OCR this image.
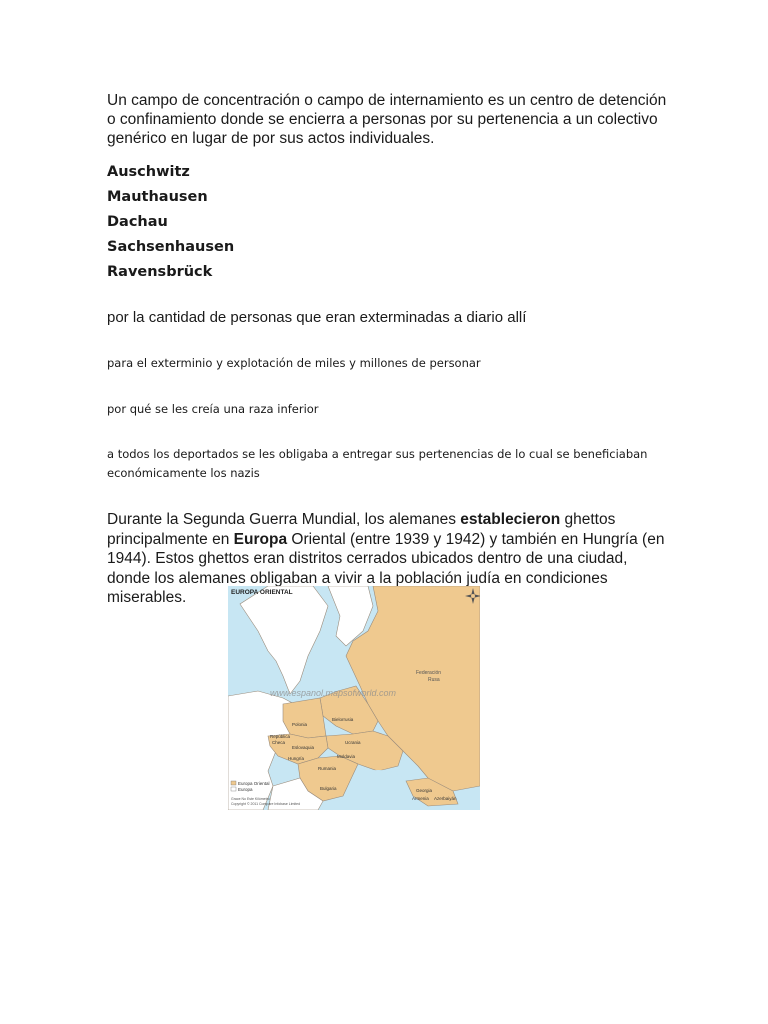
Un campo de concentración o campo de internamiento es un centro de detención o confinamiento donde se encierra a personas por su pertenencia a un colectivo genérico en lugar de por sus actos individuales.
Auschwitz
Mauthausen
Dachau
Sachsenhausen
Ravensbrück
por la cantidad de personas que eran exterminadas a diario allí
para el exterminio y explotación de miles y millones de personar
por qué se les creía una raza inferior
a todos los deportados se les obligaba a entregar sus pertenencias de lo cual se beneficiaban económicamente los nazis
Durante la Segunda Guerra Mundial, los alemanes establecieron ghettos principalmente en Europa Oriental (entre 1939 y 1942) y también en Hungría (en 1944). Estos ghettos eran distritos cerrados ubicados dentro de una ciudad, donde los alemanes obligaban a vivir a la población judía en condiciones miserables.	EUROPA ORIENTAL
www.espanol.mapsofworld.com
Federación
Rusa
Polonia
Bielorrusia
República
Checa
Eslovaquia
Hungría
Ucrania
Moldavia
Rumania
Bulgaria	Georgia
Armenia Azerbaiyán
Europa Oriental
Europa
Grace No Este Kilómetro
Copyright © 2011 Compare Infobase Limited
